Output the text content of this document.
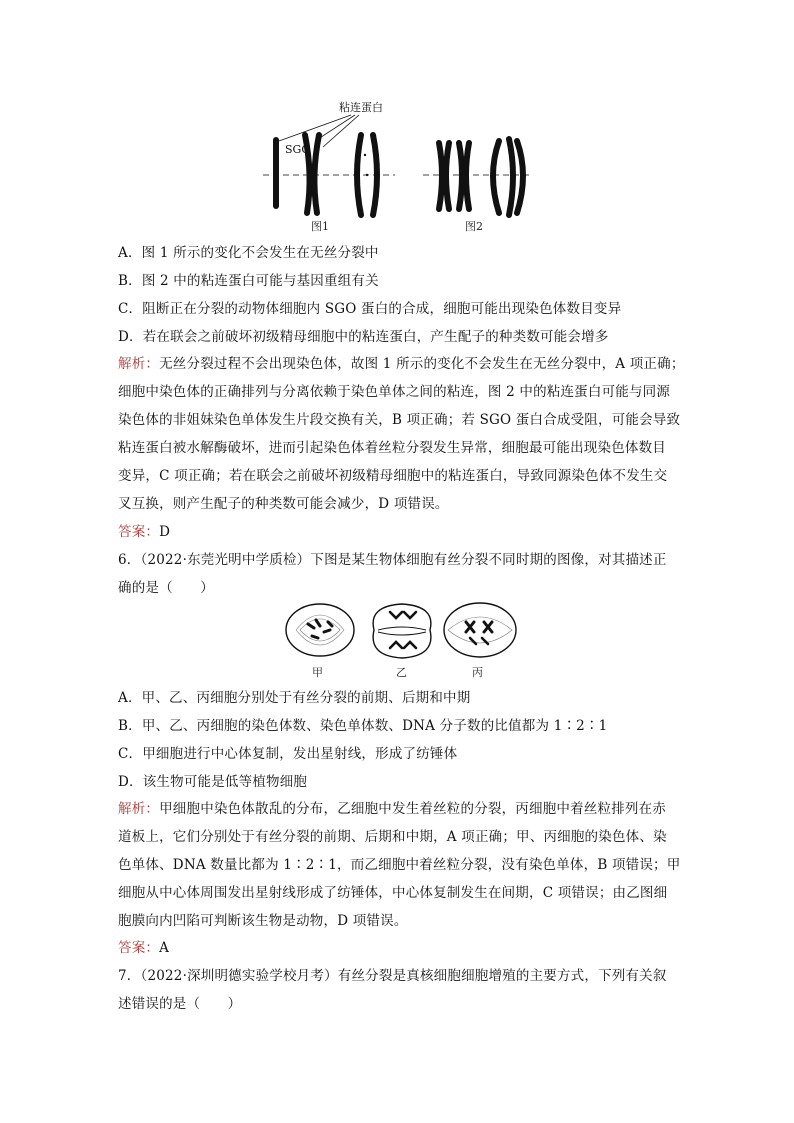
粘连蛋白
SGO
图1	图2
A．图 1 所示的变化不会发生在无丝分裂中
B．图 2 中的粘连蛋白可能与基因重组有关
C．阻断正在分裂的动物体细胞内 SGO 蛋白的合成，细胞可能出现染色体数目变异
D．若在联会之前破坏初级精母细胞中的粘连蛋白，产生配子的种类数可能会增多
解析：无丝分裂过程不会出现染色体，故图 1 所示的变化不会发生在无丝分裂中，A 项正确；
细胞中染色体的正确排列与分离依赖于染色单体之间的粘连，图 2 中的粘连蛋白可能与同源
染色体的非姐妹染色单体发生片段交换有关，B 项正确；若 SGO 蛋白合成受阻，可能会导致
粘连蛋白被水解酶破坏，进而引起染色体着丝粒分裂发生异常，细胞最可能出现染色体数目
变异，C 项正确；若在联会之前破坏初级精母细胞中的粘连蛋白，导致同源染色体不发生交
叉互换，则产生配子的种类数可能会减少，D 项错误。
答案：D
6．（2022·东莞光明中学质检）下图是某生物体细胞有丝分裂不同时期的图像，对其描述正
确的是（　　）
甲	乙	丙
A．甲、乙、丙细胞分别处于有丝分裂的前期、后期和中期
B．甲、乙、丙细胞的染色体数、染色单体数、DNA 分子数的比值都为 1∶2∶1
C．甲细胞进行中心体复制，发出星射线，形成了纺锤体
D．该生物可能是低等植物细胞
解析：甲细胞中染色体散乱的分布，乙细胞中发生着丝粒的分裂，丙细胞中着丝粒排列在赤
道板上，它们分别处于有丝分裂的前期、后期和中期，A 项正确；甲、丙细胞的染色体、染
色单体、DNA 数量比都为 1∶2∶1，而乙细胞中着丝粒分裂，没有染色单体，B 项错误；甲
细胞从中心体周围发出星射线形成了纺锤体，中心体复制发生在间期，C 项错误；由乙图细
胞膜向内凹陷可判断该生物是动物，D 项错误。
答案：A
7．（2022·深圳明德实验学校月考）有丝分裂是真核细胞细胞增殖的主要方式，下列有关叙
述错误的是（　　）
